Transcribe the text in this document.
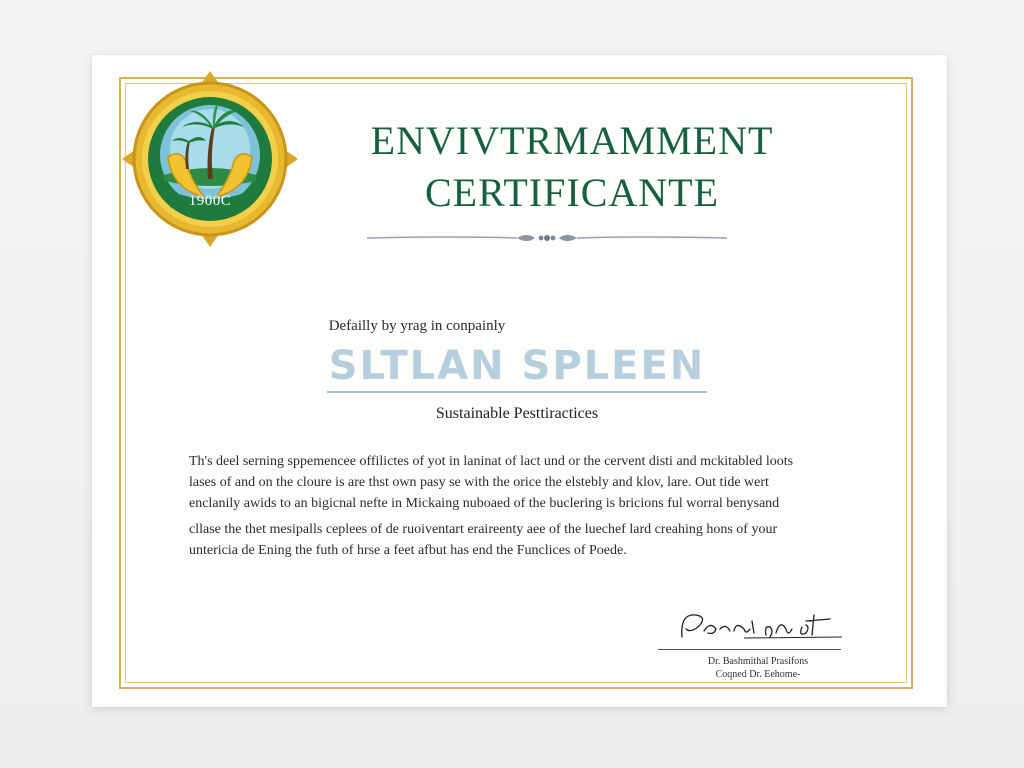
1900C
ENVIVTRMAMMENT
CERTIFICANTE
Defailly by yrag in conpainly
SLTLAN SPLEEN
Sustainable Pesttiractices
Th's deel serning sppemencee offilictes of yot in laninat of lact und or the cervent disti and mckitabled loots
lases of and on the cloure is are thst own pasy se with the orice the elstebly and klov, lare. Out tide wert
enclanily awids to an bigicnal nefte in Mickaing nuboaed of the buclering is bricions ful worral benysand
cllase the thet mesipalls ceplees of de ruoiventart eraireenty aee of the luechef lard creahing hons of your
untericia de Ening the futh of hrse a feet afbut has end the Funclices of Poede.
Dr. Bashmithal Prasifons
Coqned Dr. Eehome-
